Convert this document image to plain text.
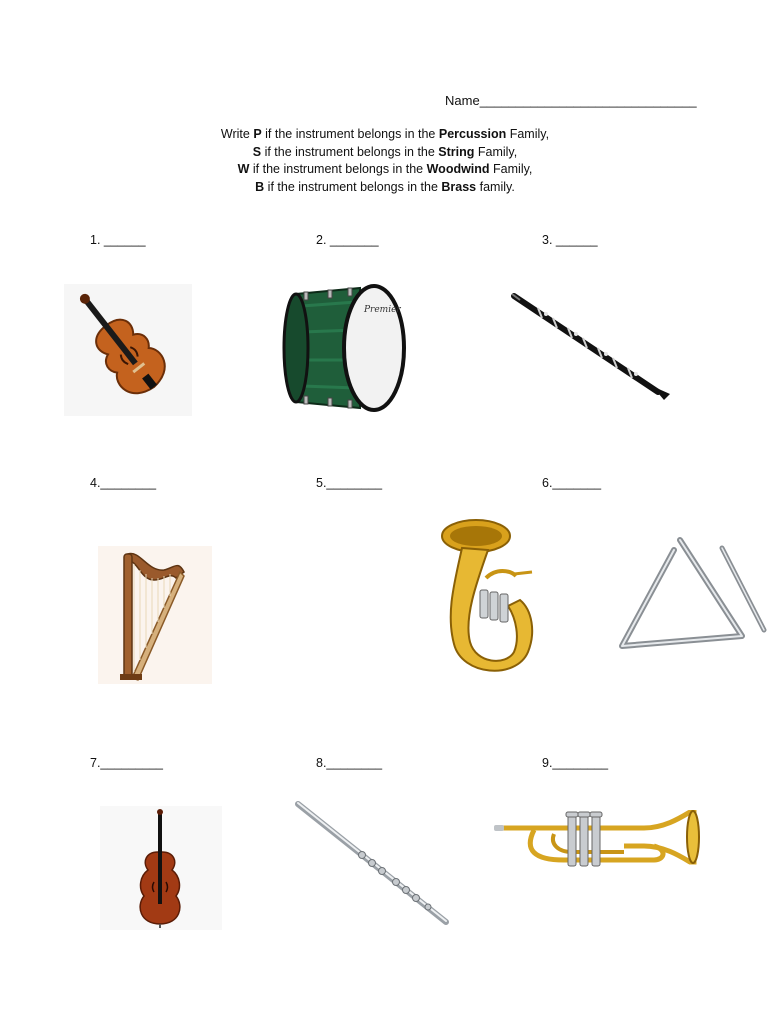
Name______________________________
Write P if the instrument belongs in the Percussion Family,
S if the instrument belongs in the String Family,
W if the instrument belongs in the Woodwind Family,
B if the instrument belongs in the Brass family.
1. ______	2. _______	3. ______
4.________	5.________	6._______
7._________	8.________	9.________
Premier
